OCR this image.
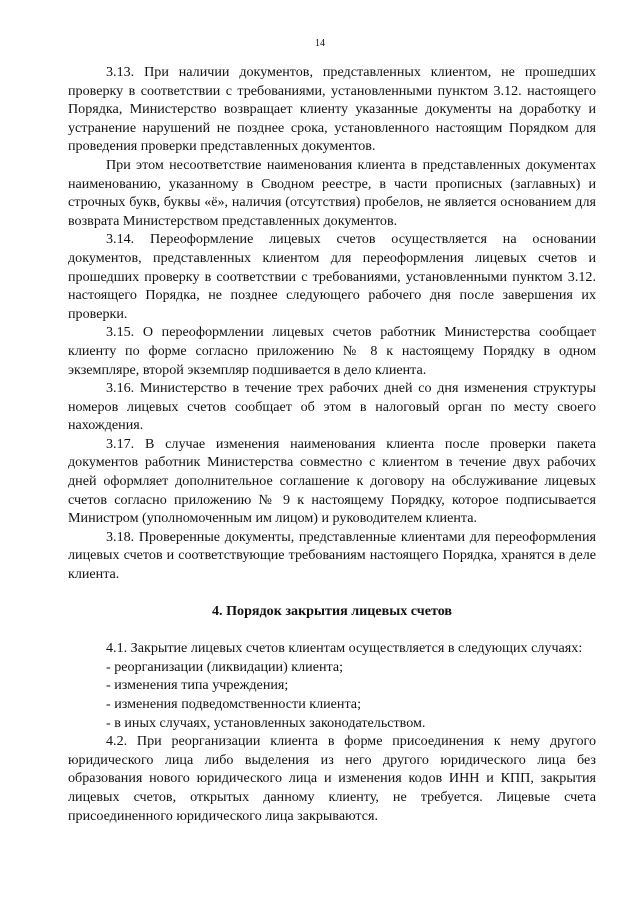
14

3.13. При наличии документов, представленных клиентом, не прошедших проверку в соответствии с требованиями, установленными пунктом 3.12. настоящего Порядка, Министерство возвращает клиенту указанные документы на доработку и устранение нарушений не позднее срока, установленного настоящим Порядком для проведения проверки представленных документов.

При этом несоответствие наименования клиента в представленных документах наименованию, указанному в Сводном реестре, в части прописных (заглавных) и строчных букв, буквы «ё», наличия (отсутствия) пробелов, не является основанием для возврата Министерством представленных документов.

3.14. Переоформление лицевых счетов осуществляется на основании документов, представленных клиентом для переоформления лицевых счетов и прошедших проверку в соответствии с требованиями, установленными пунктом 3.12. настоящего Порядка, не позднее следующего рабочего дня после завершения их проверки.

3.15. О переоформлении лицевых счетов работник Министерства сообщает клиенту по форме согласно приложению № 8 к настоящему Порядку в одном экземпляре, второй экземпляр подшивается в дело клиента.

3.16. Министерство в течение трех рабочих дней со дня изменения структуры номеров лицевых счетов сообщает об этом в налоговый орган по месту своего нахождения.

3.17. В случае изменения наименования клиента после проверки пакета документов работник Министерства совместно с клиентом в течение двух рабочих дней оформляет дополнительное соглашение к договору на обслуживание лицевых счетов согласно приложению № 9 к настоящему Порядку, которое подписывается Министром (уполномоченным им лицом) и руководителем клиента.

3.18. Проверенные документы, представленные клиентами для переоформления лицевых счетов и соответствующие требованиям настоящего Порядка, хранятся в деле клиента.

4. Порядок закрытия лицевых счетов

4.1. Закрытие лицевых счетов клиентам осуществляется в следующих случаях:

- реорганизации (ликвидации) клиента;

- изменения типа учреждения;

- изменения подведомственности клиента;

- в иных случаях, установленных законодательством.

4.2. При реорганизации клиента в форме присоединения к нему другого юридического лица либо выделения из него другого юридического лица без образования нового юридического лица и изменения кодов ИНН и КПП, закрытия лицевых счетов, открытых данному клиенту, не требуется. Лицевые счета присоединенного юридического лица закрываются.
